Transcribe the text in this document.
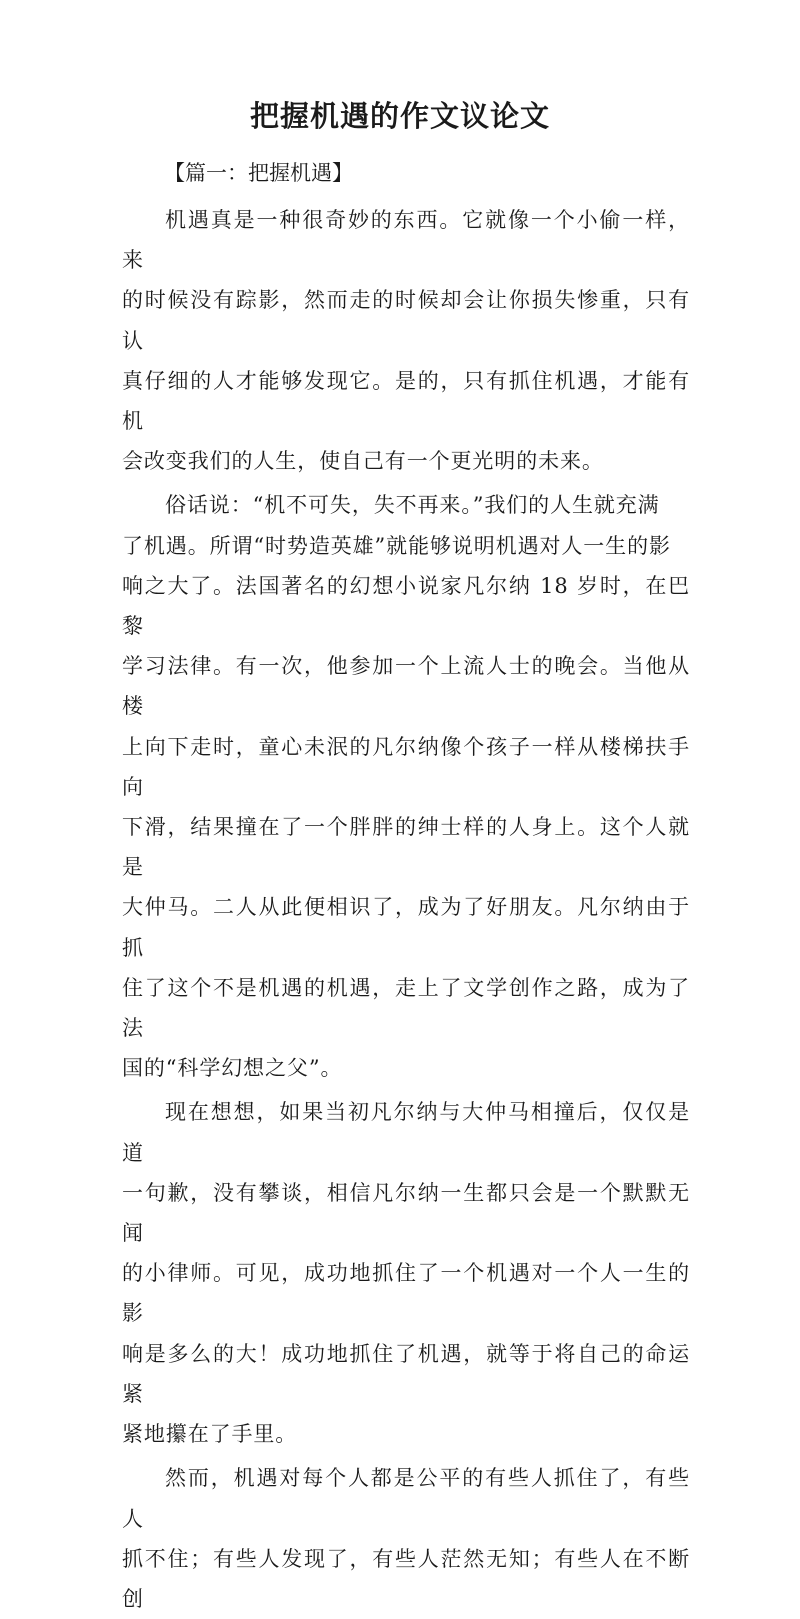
把握机遇的作文议论文

【篇一：把握机遇】

机遇真是一种很奇妙的东西。它就像一个小偷一样，来
的时候没有踪影，然而走的时候却会让你损失惨重，只有认
真仔细的人才能够发现它。是的，只有抓住机遇，才能有机
会改变我们的人生，使自己有一个更光明的未来。

俗话说：“机不可失，失不再来。”我们的人生就充满
了机遇。所谓“时势造英雄”就能够说明机遇对人一生的影
响之大了。法国著名的幻想小说家凡尔纳 18 岁时，在巴黎
学习法律。有一次，他参加一个上流人士的晚会。当他从楼
上向下走时，童心未泯的凡尔纳像个孩子一样从楼梯扶手向
下滑，结果撞在了一个胖胖的绅士样的人身上。这个人就是
大仲马。二人从此便相识了，成为了好朋友。凡尔纳由于抓
住了这个不是机遇的机遇，走上了文学创作之路，成为了法
国的“科学幻想之父”。

现在想想，如果当初凡尔纳与大仲马相撞后，仅仅是道
一句歉，没有攀谈，相信凡尔纳一生都只会是一个默默无闻
的小律师。可见，成功地抓住了一个机遇对一个人一生的影
响是多么的大！成功地抓住了机遇，就等于将自己的命运紧
紧地攥在了手里。

然而，机遇对每个人都是公平的有些人抓住了，有些人
抓不住；有些人发现了，有些人茫然无知；有些人在不断创
